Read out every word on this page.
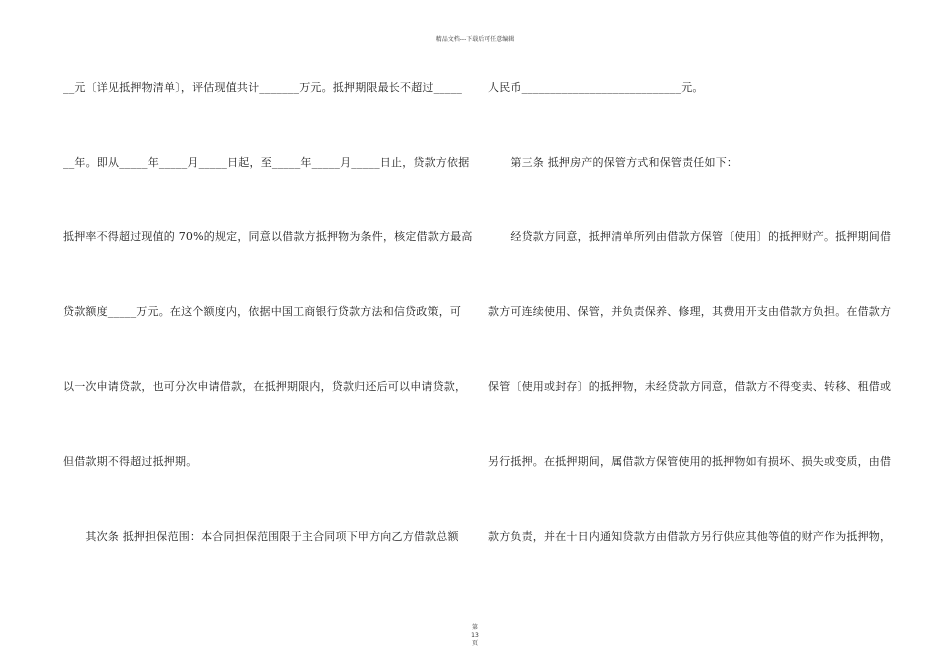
精品文档---下载后可任意编辑
__元〔详见抵押物清单〕，评估现值共计_______万元。抵押期限最长不超过_____
__年。即从_____年_____月_____日起，至_____年_____月_____日止，贷款方依据
抵押率不得超过现值的 70%的规定，同意以借款方抵押物为条件，核定借款方最高
贷款额度_____万元。在这个额度内，依据中国工商银行贷款方法和信贷政策，可
以一次申请贷款，也可分次申请借款，在抵押期限内，贷款归还后可以申请贷款，
但借款期不得超过抵押期。
　　其次条 抵押担保范围：本合同担保范围限于主合同项下甲方向乙方借款总额
人民币____________________________元。
　　第三条 抵押房产的保管方式和保管责任如下：
　　经贷款方同意，抵押清单所列由借款方保管〔使用〕的抵押财产。抵押期间借
款方可连续使用、保管，并负责保养、修理，其费用开支由借款方负担。在借款方
保管〔使用或封存〕的抵押物，未经贷款方同意，借款方不得变卖、转移、租借或
另行抵押。在抵押期间，属借款方保管使用的抵押物如有损坏、损失或变质，由借
款方负责，并在十日内通知贷款方由借款方另行供应其他等值的财产作为抵押物，
第
13
页
